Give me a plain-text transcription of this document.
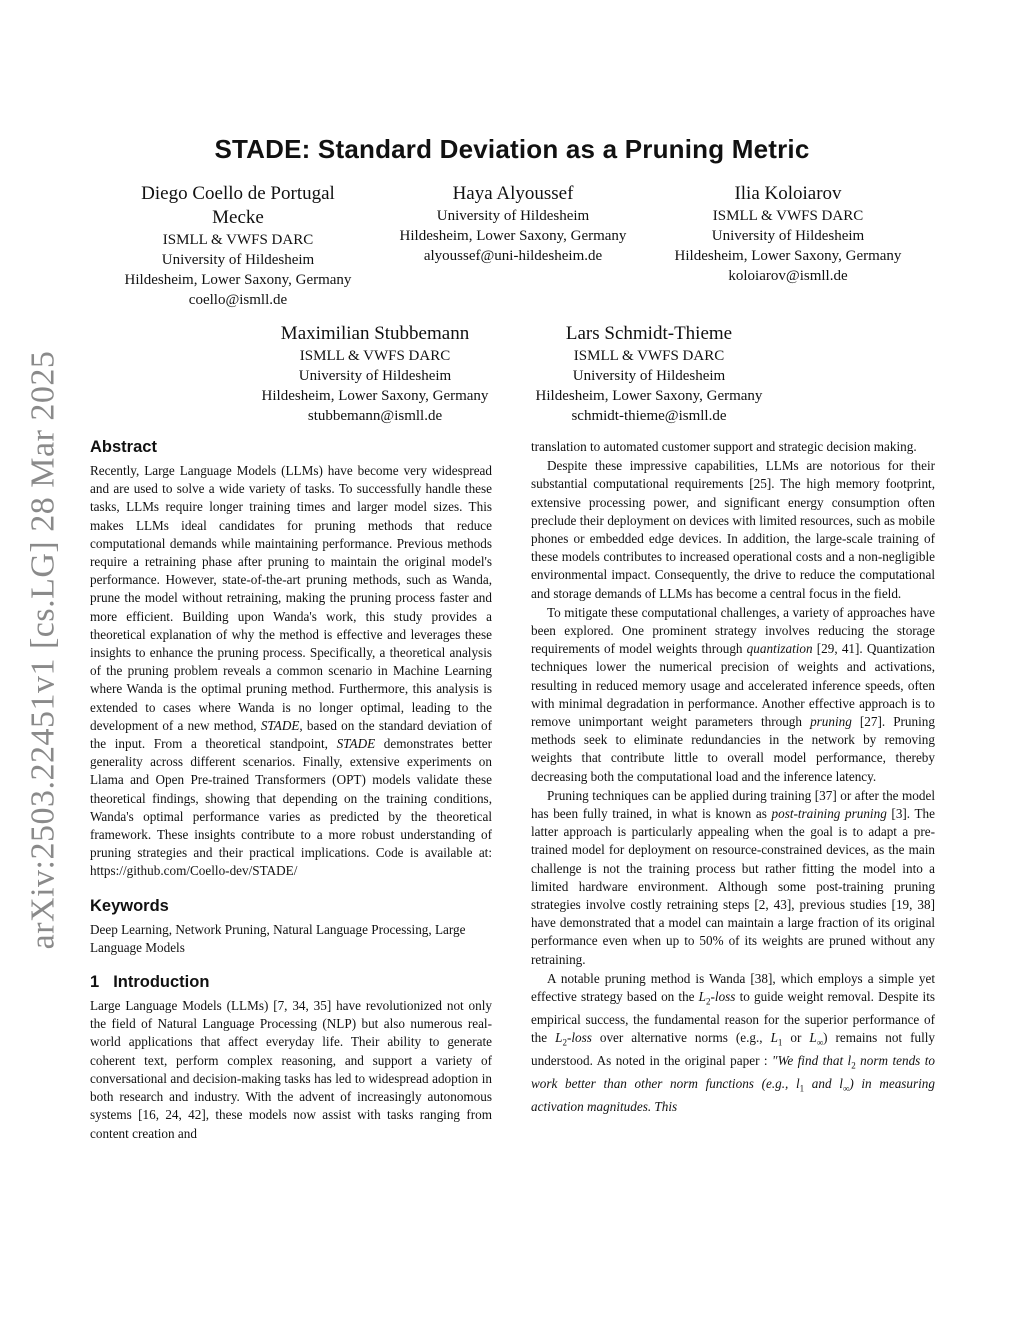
arXiv:2503.22451v1 [cs.LG] 28 Mar 2025
STADE: Standard Deviation as a Pruning Metric
Diego Coello de Portugal
Mecke
ISMLL & VWFS DARC
University of Hildesheim
Hildesheim, Lower Saxony, Germany
coello@ismll.de
Haya Alyoussef
University of Hildesheim
Hildesheim, Lower Saxony, Germany
alyoussef@uni-hildesheim.de
Ilia Koloiarov
ISMLL & VWFS DARC
University of Hildesheim
Hildesheim, Lower Saxony, Germany
koloiarov@ismll.de
Maximilian Stubbemann
ISMLL & VWFS DARC
University of Hildesheim
Hildesheim, Lower Saxony, Germany
stubbemann@ismll.de
Lars Schmidt-Thieme
ISMLL & VWFS DARC
University of Hildesheim
Hildesheim, Lower Saxony, Germany
schmidt-thieme@ismll.de
Abstract

Recently, Large Language Models (LLMs) have become very widespread and are used to solve a wide variety of tasks. To successfully handle these tasks, LLMs require longer training times and larger model sizes. This makes LLMs ideal candidates for pruning methods that reduce computational demands while maintaining performance. Previous methods require a retraining phase after pruning to maintain the original model's performance. However, state-of-the-art pruning methods, such as Wanda, prune the model without retraining, making the pruning process faster and more efficient. Building upon Wanda's work, this study provides a theoretical explanation of why the method is effective and leverages these insights to enhance the pruning process. Specifically, a theoretical analysis of the pruning problem reveals a common scenario in Machine Learning where Wanda is the optimal pruning method. Furthermore, this analysis is extended to cases where Wanda is no longer optimal, leading to the development of a new method, STADE, based on the standard deviation of the input. From a theoretical standpoint, STADE demonstrates better generality across different scenarios. Finally, extensive experiments on Llama and Open Pre-trained Transformers (OPT) models validate these theoretical findings, showing that depending on the training conditions, Wanda's optimal performance varies as predicted by the theoretical framework. These insights contribute to a more robust understanding of pruning strategies and their practical implications. Code is available at: https://github.com/Coello-dev/STADE/

Keywords

Deep Learning, Network Pruning, Natural Language Processing, Large Language Models

1 Introduction

Large Language Models (LLMs) [7, 34, 35] have revolutionized not only the field of Natural Language Processing (NLP) but also numerous real-world applications that affect everyday life. Their ability to generate coherent text, perform complex reasoning, and support a variety of conversational and decision-making tasks has led to widespread adoption in both research and industry. With the advent of increasingly autonomous systems [16, 24, 42], these models now assist with tasks ranging from content creation and

translation to automated customer support and strategic decision making.

Despite these impressive capabilities, LLMs are notorious for their substantial computational requirements [25]. The high memory footprint, extensive processing power, and significant energy consumption often preclude their deployment on devices with limited resources, such as mobile phones or embedded edge devices. In addition, the large-scale training of these models contributes to increased operational costs and a non-negligible environmental impact. Consequently, the drive to reduce the computational and storage demands of LLMs has become a central focus in the field.

To mitigate these computational challenges, a variety of approaches have been explored. One prominent strategy involves reducing the storage requirements of model weights through quantization [29, 41]. Quantization techniques lower the numerical precision of weights and activations, resulting in reduced memory usage and accelerated inference speeds, often with minimal degradation in performance. Another effective approach is to remove unimportant weight parameters through pruning [27]. Pruning methods seek to eliminate redundancies in the network by removing weights that contribute little to overall model performance, thereby decreasing both the computational load and the inference latency.

Pruning techniques can be applied during training [37] or after the model has been fully trained, in what is known as post-training pruning [3]. The latter approach is particularly appealing when the goal is to adapt a pre-trained model for deployment on resource-constrained devices, as the main challenge is not the training process but rather fitting the model into a limited hardware environment. Although some post-training pruning strategies involve costly retraining steps [2, 43], previous studies [19, 38] have demonstrated that a model can maintain a large fraction of its original performance even when up to 50% of its weights are pruned without any retraining.

A notable pruning method is Wanda [38], which employs a simple yet effective strategy based on the $L_2$-loss to guide weight removal. Despite its empirical success, the fundamental reason for the superior performance of the $L_2$-loss over alternative norms (e.g., $L_1$ or $L_\infty$) remains not fully understood. As noted in the original paper : "We find that $l_2$ norm tends to work better than other norm functions (e.g., $l_1$ and $l_\infty$) in measuring activation magnitudes. This
